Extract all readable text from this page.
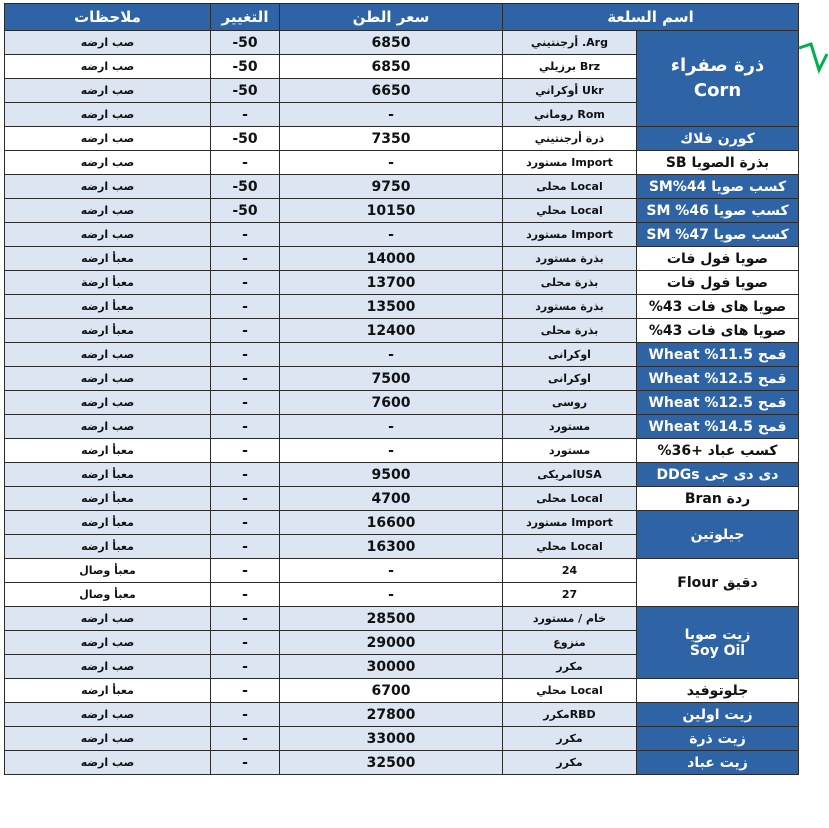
ملاحظات	التغيير	سعر الطن	اسم السلعة	
صب ارضه	-50	6850	أرجنتيني .Arg	ذرة صفراء
Corn

صب ارضه	-50	6850	برزيلي Brz	
صب ارضه	-50	6650	أوكراني Ukr	
صب ارضه	-	-	روماني Rom	
صب ارضه	-50	7350	ذرة أرجنتيني	كورن فلاك

صب ارضه	-	-	مستورد Import	بذرة الصويا SB

صب ارضه	-50	9750	محلى Local	كسب صويا 44%SM

صب ارضه	-50	10150	محلي Local	كسب صويا 46% SM

صب ارضه	-	-	مستورد Import	كسب صويا 47% SM

معبأ ارضه	-	14000	بذرة مستورد	صويا فول فات

معبأ ارضة	-	13700	بذرة محلى	صويا فول فات

معبأ ارضه	-	13500	بذرة مستورد	صويا هاى فات 43%

معبأ ارضه	-	12400	بذرة محلى	صويا هاى فات 43%

صب ارضه	-	-	اوكرانى	قمح 11.5% Wheat

صب ارضه	-	7500	اوكرانى	قمح 12.5% Wheat

صب ارضه	-	7600	روسى	قمح 12.5% Wheat

صب ارضه	-	-	مستورد	قمح 14.5% Wheat

معبأ ارضه	-	-	مستورد	كسب عباد +36%

معبأ ارضه	-	9500	امريكىUSA	دى دى جى DDGs

معبأ ارضه	-	4700	محلى Local	ردة Bran

معبأ ارضه	-	16600	مستورد Import	جيلوتين

معبأ ارضه	-	16300	محلي Local	
معبأ وصال	-	-	24	دقيق Flour

معبأ وصال	-	-	27	
صب ارضه	-	28500	خام / مستورد	زيت صويا
Soy Oil

صب ارضه	-	29000	منزوع	
صب ارضه	-	30000	مكرر	
معبأ ارضه	-	6700	محلي Local	جلوتوفيد

صب ارضه	-	27800	مكررRBD	زيت اولين

صب ارضه	-	33000	مكرر	زيت ذرة

صب ارضه	-	32500	مكرر	زيت عباد
